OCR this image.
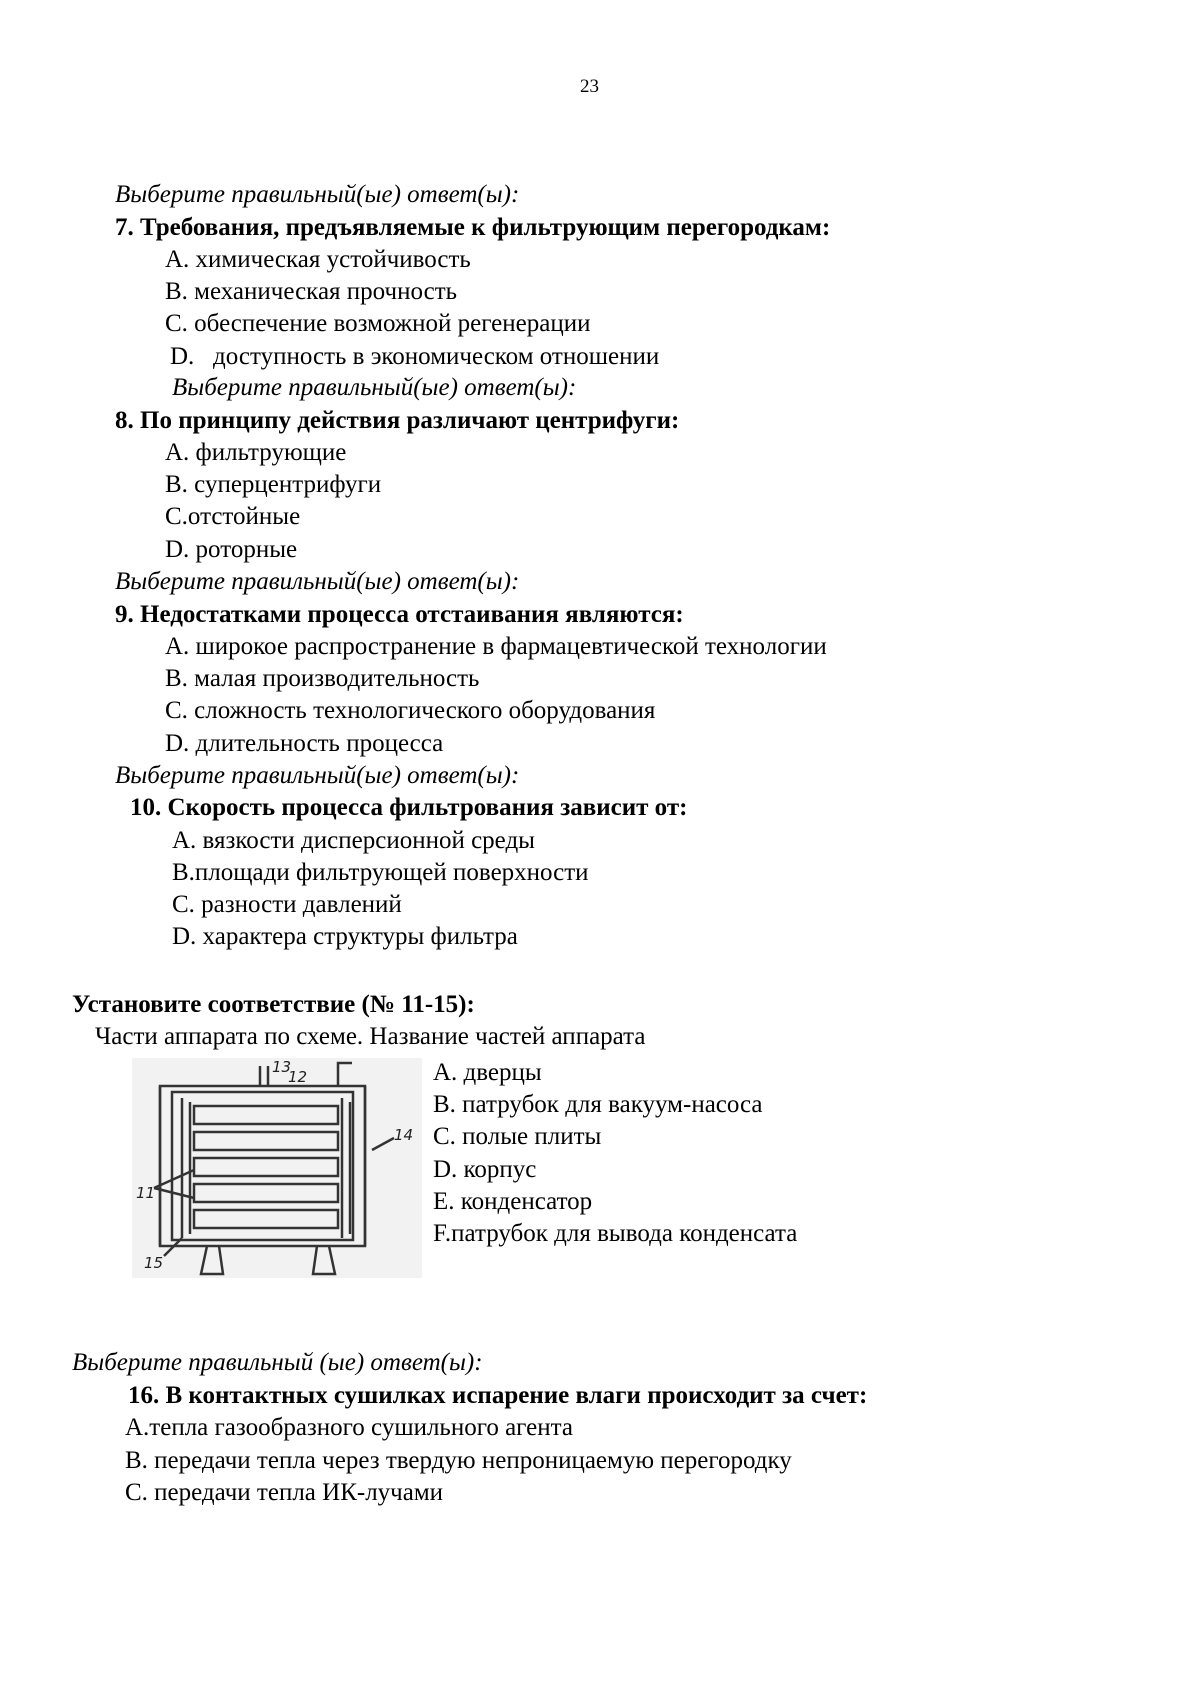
23
Выберите правильный(ые) ответ(ы):
7. Требования, предъявляемые к фильтрующим перегородкам:
А. химическая устойчивость
В. механическая прочность
С. обеспечение возможной регенерации
D.   доступность в экономическом отношении
Выберите правильный(ые) ответ(ы):
8. По принципу действия различают центрифуги:
А. фильтрующие
В. суперцентрифуги
С.отстойные
D. роторные
Выберите правильный(ые) ответ(ы):
9. Недостатками процесса отстаивания являются:
А. широкое распространение в фармацевтической технологии
В. малая производительность
С. сложность технологического оборудования
D. длительность процесса
Выберите правильный(ые) ответ(ы):
10. Скорость процесса фильтрования зависит от:
А. вязкости дисперсионной среды
В.площади фильтрующей поверхности
С. разности давлений
D. характера структуры фильтра
Установите соответствие (№ 11-15):
Части аппарата по схеме. Название частей аппарата
13
12
14
11
15
А. дверцы
В. патрубок для вакуум-насоса
С. полые плиты
D. корпус
Е. конденсатор
F.патрубок для вывода конденсата
Выберите правильный (ые) ответ(ы):
16. В контактных сушилках испарение влаги происходит за счет:
А.тепла газообразного сушильного агента
В. передачи тепла через твердую непроницаемую перегородку
С. передачи тепла ИК-лучами
